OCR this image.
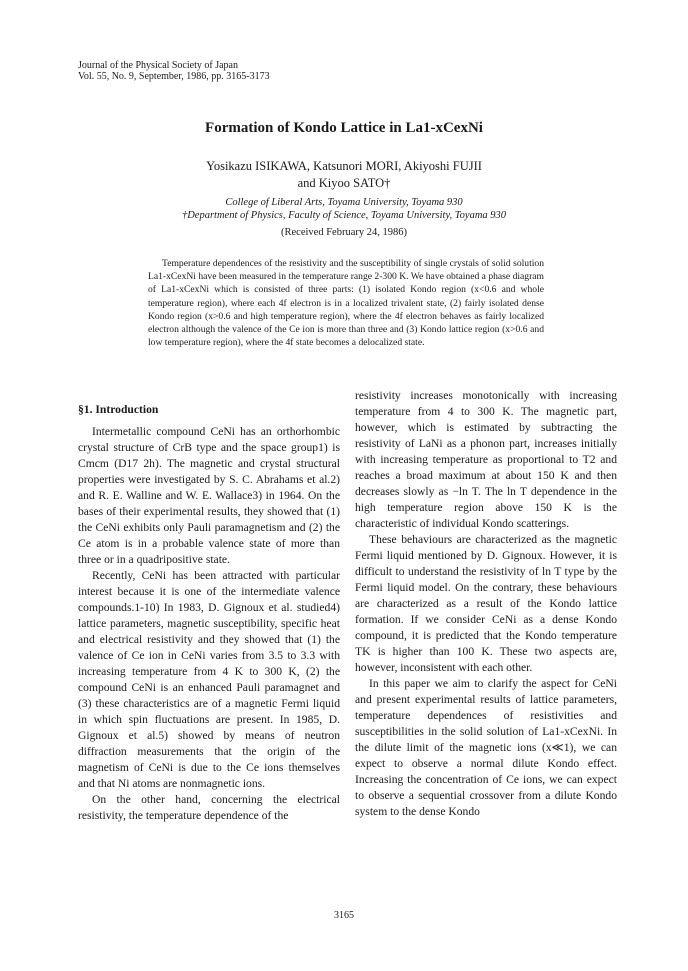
Journal of the Physical Society of Japan
Vol. 55, No. 9, September, 1986, pp. 3165-3173
Formation of Kondo Lattice in La1-xCexNi
Yosikazu ISIKAWA, Katsunori MORI, Akiyoshi FUJII
and Kiyoo SATO†
College of Liberal Arts, Toyama University, Toyama 930
†Department of Physics, Faculty of Science, Toyama University, Toyama 930
(Received February 24, 1986)

Temperature dependences of the resistivity and the susceptibility of single crystals of solid solution La1-xCexNi have been measured in the temperature range 2-300 K. We have obtained a phase diagram of La1-xCexNi which is consisted of three parts: (1) isolated Kondo region (x<0.6 and whole temperature region), where each 4f electron is in a localized trivalent state, (2) fairly isolated dense Kondo region (x>0.6 and high temperature region), where the 4f electron behaves as fairly localized electron although the valence of the Ce ion is more than three and (3) Kondo lattice region (x>0.6 and low temperature region), where the 4f state becomes a delocalized state.

§1. Introduction

Intermetallic compound CeNi has an orthorhombic crystal structure of CrB type and the space group1) is Cmcm (D17 2h). The magnetic and crystal structural properties were investigated by S. C. Abrahams et al.2) and R. E. Walline and W. E. Wallace3) in 1964. On the bases of their experimental results, they showed that (1) the CeNi exhibits only Pauli paramagnetism and (2) the Ce atom is in a probable valence state of more than three or in a quadripositive state.

Recently, CeNi has been attracted with particular interest because it is one of the intermediate valence compounds.1-10) In 1983, D. Gignoux et al. studied4) lattice parameters, magnetic susceptibility, specific heat and electrical resistivity and they showed that (1) the valence of Ce ion in CeNi varies from 3.5 to 3.3 with increasing temperature from 4 K to 300 K, (2) the compound CeNi is an enhanced Pauli paramagnet and (3) these characteristics are of a magnetic Fermi liquid in which spin fluctuations are present. In 1985, D. Gignoux et al.5) showed by means of neutron diffraction measurements that the origin of the magnetism of CeNi is due to the Ce ions themselves and that Ni atoms are nonmagnetic ions.

On the other hand, concerning the electrical resistivity, the temperature dependence of the

resistivity increases monotonically with increasing temperature from 4 to 300 K. The magnetic part, however, which is estimated by subtracting the resistivity of LaNi as a phonon part, increases initially with increasing temperature as proportional to T2 and reaches a broad maximum at about 150 K and then decreases slowly as −ln T. The ln T dependence in the high temperature region above 150 K is the characteristic of individual Kondo scatterings.

These behaviours are characterized as the magnetic Fermi liquid mentioned by D. Gignoux. However, it is difficult to understand the resistivity of ln T type by the Fermi liquid model. On the contrary, these behaviours are characterized as a result of the Kondo lattice formation. If we consider CeNi as a dense Kondo compound, it is predicted that the Kondo temperature TK is higher than 100 K. These two aspects are, however, inconsistent with each other.

In this paper we aim to clarify the aspect for CeNi and present experimental results of lattice parameters, temperature dependences of resistivities and susceptibilities in the solid solution of La1-xCexNi. In the dilute limit of the magnetic ions (x≪1), we can expect to observe a normal dilute Kondo effect. Increasing the concentration of Ce ions, we can expect to observe a sequential crossover from a dilute Kondo system to the dense Kondo

3165
